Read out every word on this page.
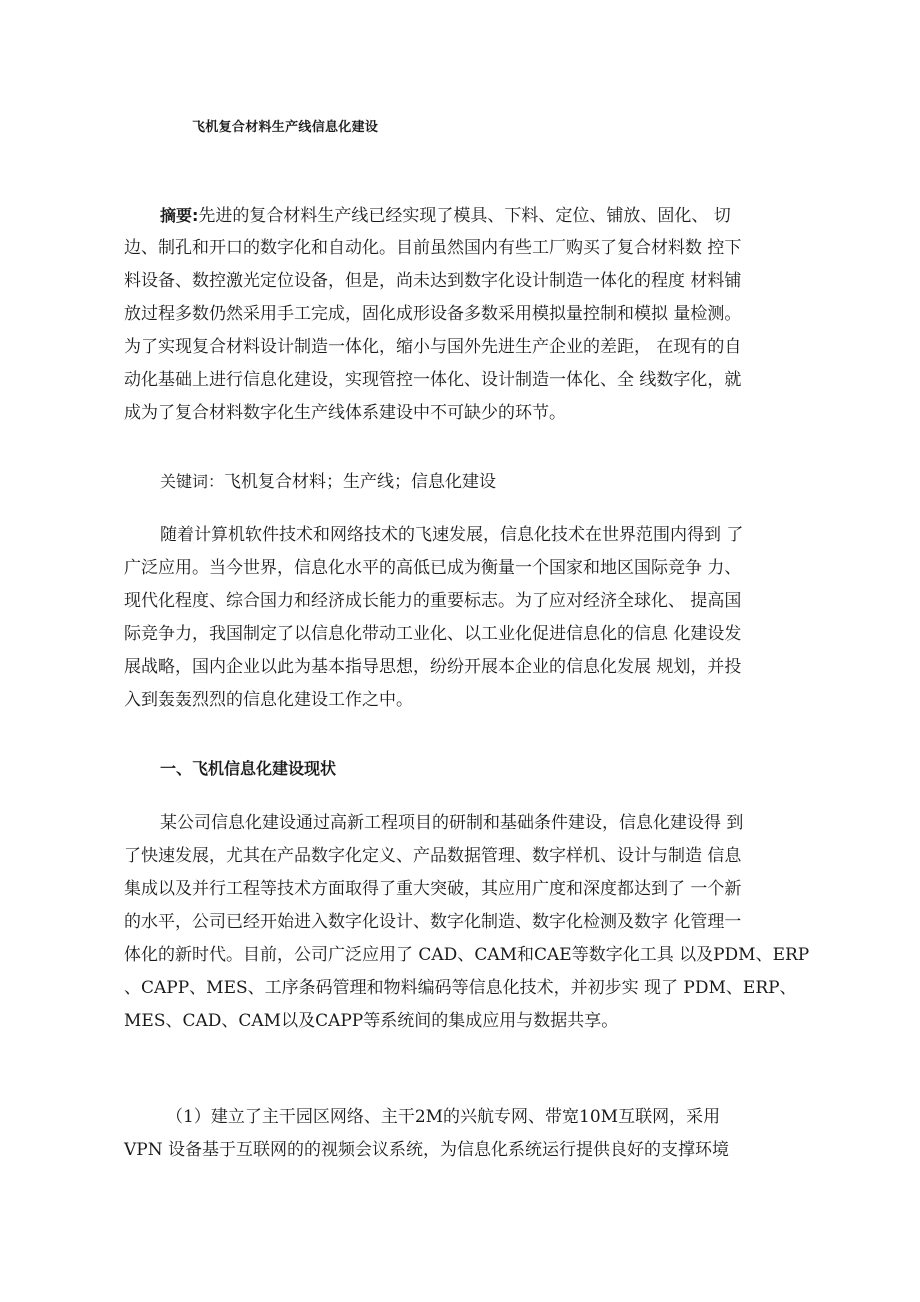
飞机复合材料生产线信息化建设
摘要:先进的复合材料生产线已经实现了模具、下料、定位、铺放、固化、 切
边、制孔和开口的数字化和自动化。目前虽然国内有些工厂购买了复合材料数 控下
料设备、数控激光定位设备，但是，尚未达到数字化设计制造一体化的程度 材料铺
放过程多数仍然采用手工完成，固化成形设备多数采用模拟量控制和模拟 量检测。
为了实现复合材料设计制造一体化，缩小与国外先进生产企业的差距， 在现有的自
动化基础上进行信息化建设，实现管控一体化、设计制造一体化、全 线数字化，就
成为了复合材料数字化生产线体系建设中不可缺少的环节。
关键词：飞机复合材料；生产线；信息化建设
随着计算机软件技术和网络技术的飞速发展，信息化技术在世界范围内得到 了
广泛应用。当今世界，信息化水平的高低已成为衡量一个国家和地区国际竞争 力、
现代化程度、综合国力和经济成长能力的重要标志。为了应对经济全球化、 提高国
际竞争力，我国制定了以信息化带动工业化、以工业化促进信息化的信息 化建设发
展战略，国内企业以此为基本指导思想，纷纷开展本企业的信息化发展 规划，并投
入到轰轰烈烈的信息化建设工作之中。
一、飞机信息化建设现状
某公司信息化建设通过高新工程项目的研制和基础条件建设，信息化建设得 到
了快速发展，尤其在产品数字化定义、产品数据管理、数字样机、设计与制造 信息
集成以及并行工程等技术方面取得了重大突破，其应用广度和深度都达到了 一个新
的水平，公司已经开始进入数字化设计、数字化制造、数字化检测及数字 化管理一
体化的新时代。目前，公司广泛应用了 CAD、CAM和CAE等数字化工具 以及PDM、ERP
、CAPP、MES、工序条码管理和物料编码等信息化技术，并初步实 现了 PDM、ERP、
MES、CAD、CAM以及CAPP等系统间的集成应用与数据共享。
（1）建立了主干园区网络、主干2M的兴航专网、带宽10M互联网，采用
VPN 设备基于互联网的的视频会议系统，为信息化系统运行提供良好的支撑环境
